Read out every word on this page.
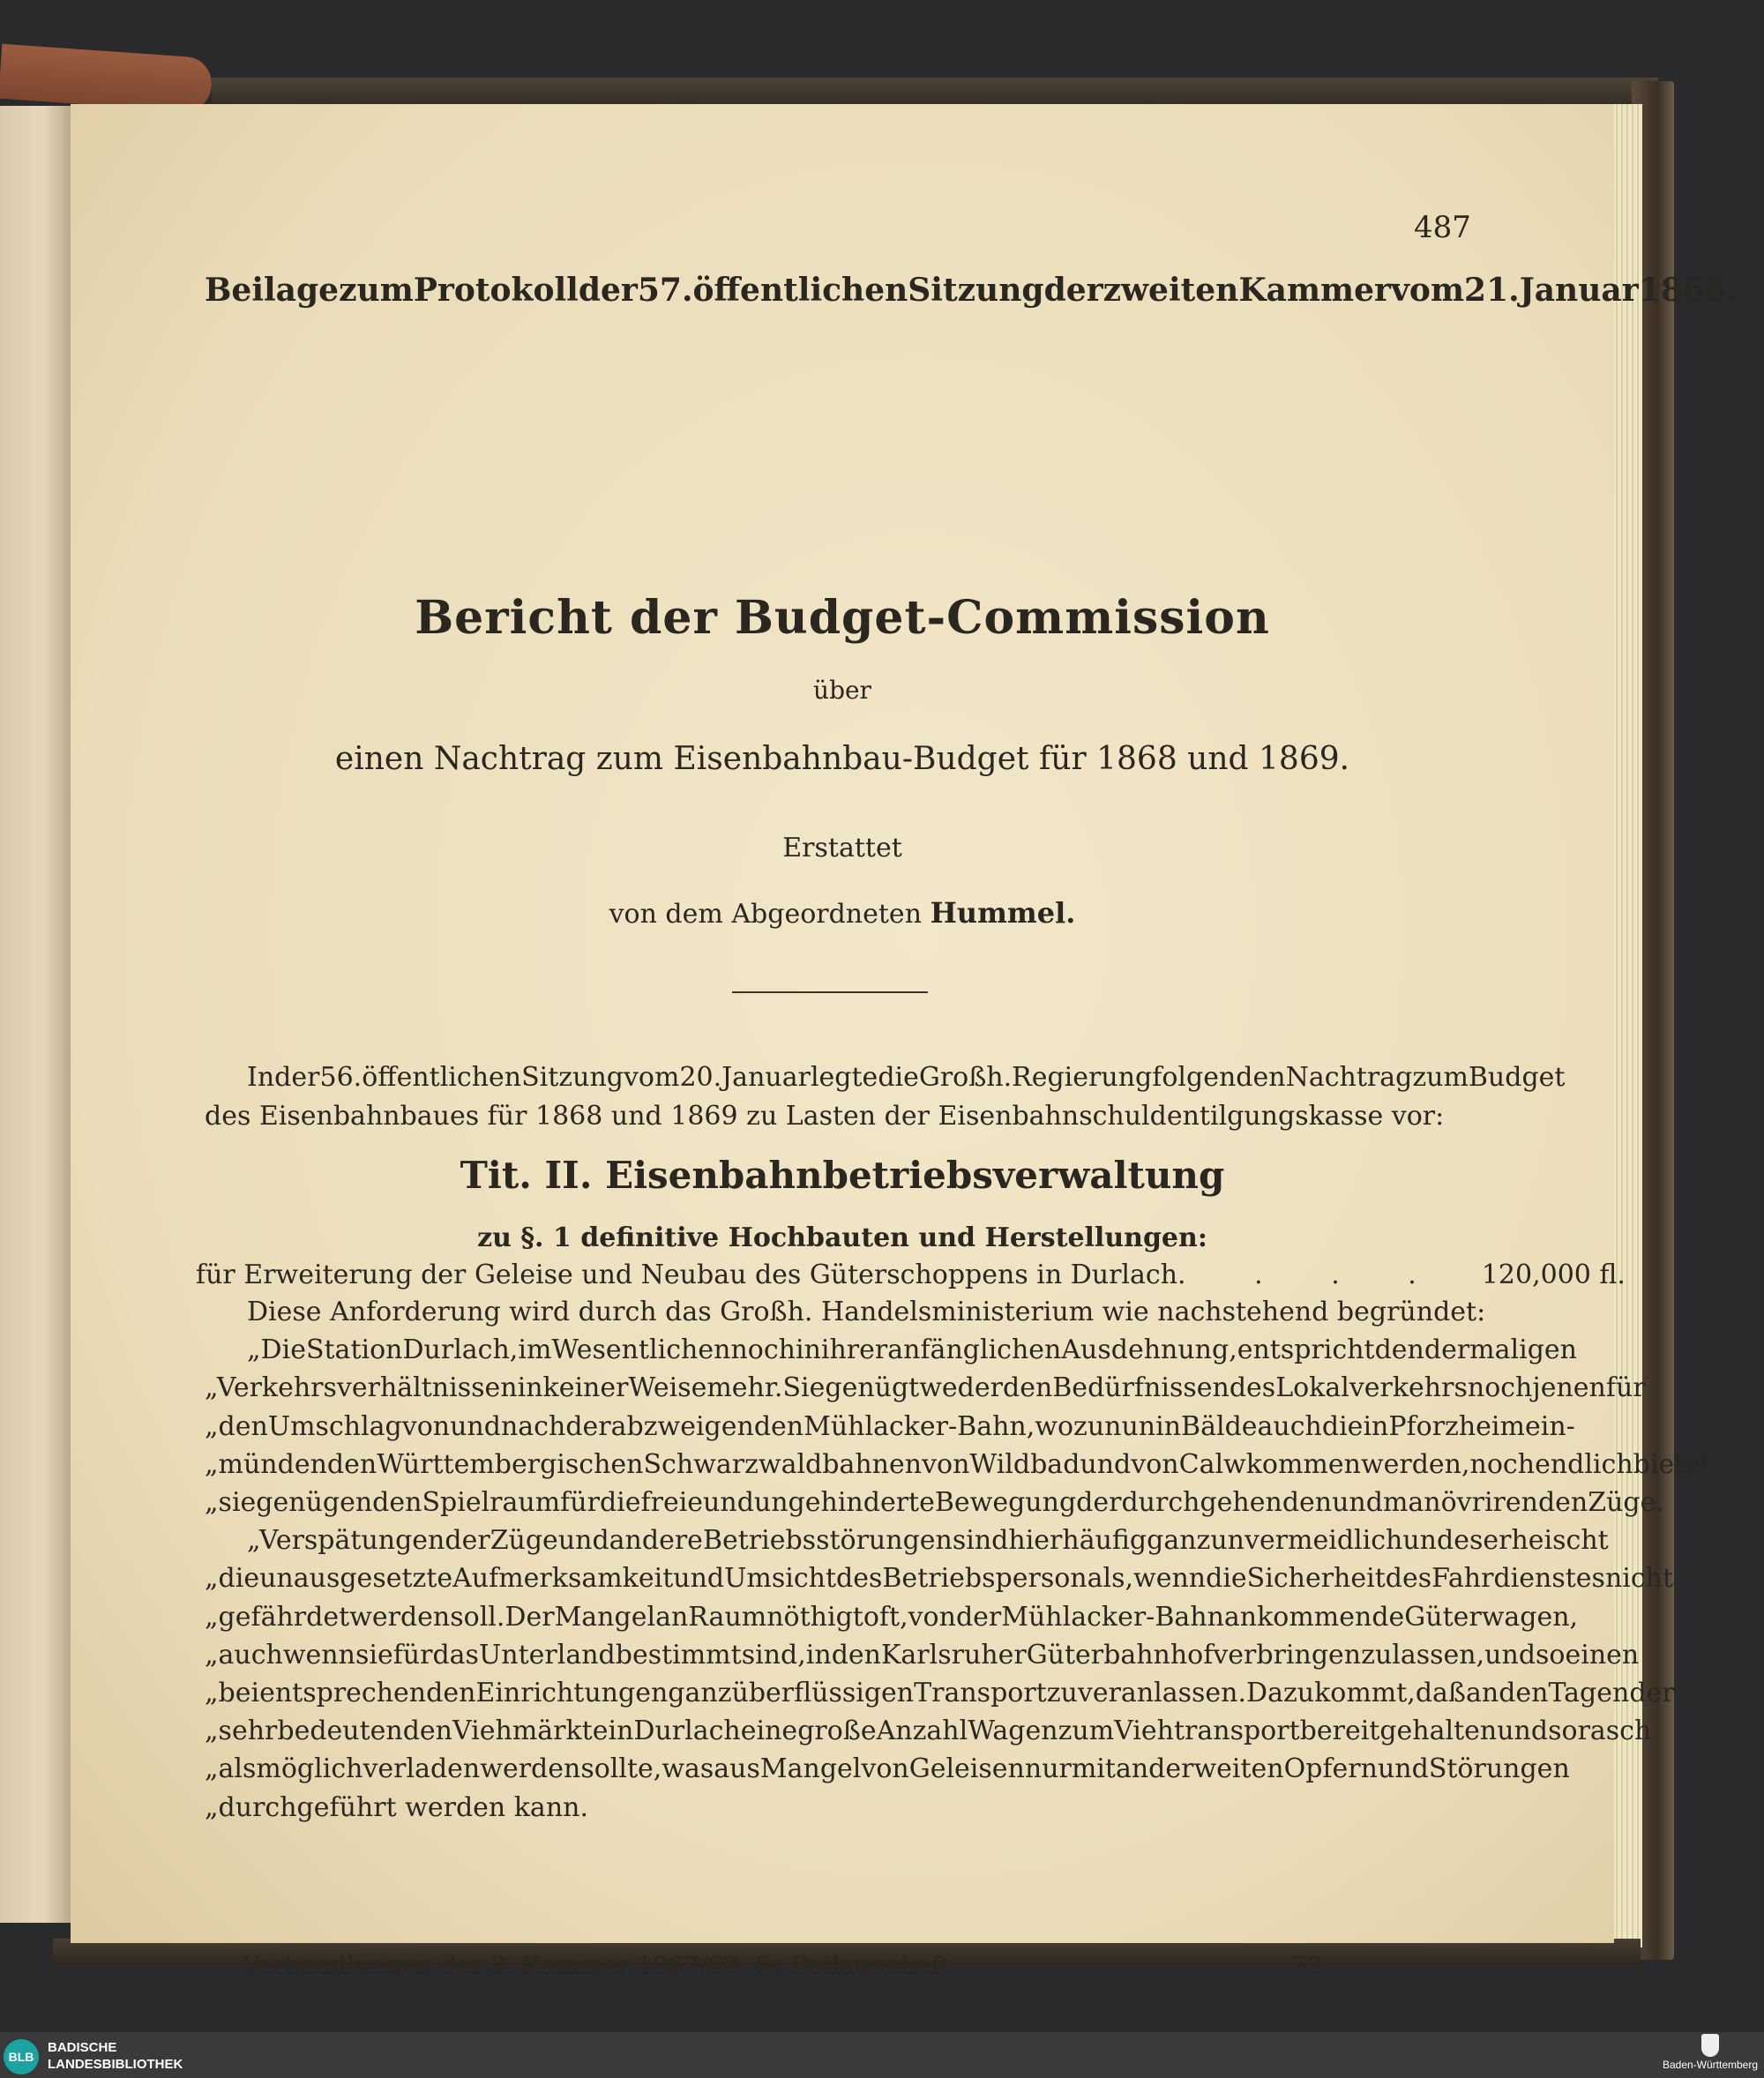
487
Beilage zum Protokoll der 57. öffentlichen Sitzung der zweiten Kammer vom 21. Januar 1868.
Bericht der Budget-Commission
über
einen Nachtrag zum Eisenbahnbau-Budget für 1868 und 1869.
Erstattet
von dem Abgeordneten Hummel.
In der 56. öffentlichen Sitzung vom 20. Januar legte die Großh. Regierung folgenden Nachtrag zum Budget
des Eisenbahnbaues für 1868 und 1869 zu Lasten der Eisenbahnschuldentilgungskasse vor:
Tit. II. Eisenbahnbetriebsverwaltung
zu §. 1 definitive Hochbauten und Herstellungen:
für Erweiterung der Geleise und Neubau des Güterschoppens in Durlach . . . .	120,000 fl.
Diese Anforderung wird durch das Großh. Handelsministerium wie nachstehend begründet:
„Die Station Durlach, im Wesentlichen noch in ihrer anfänglichen Ausdehnung, entspricht den dermaligen
„Verkehrsverhältnissen in keiner Weise mehr. Sie genügt weder den Bedürfnissen des Lokalverkehrs noch jenen für
„den Umschlag von und nach der abzweigenden Mühlacker-Bahn, wozu nun in Bälde auch die in Pforzheim ein-
„mündenden Württembergischen Schwarzwaldbahnen von Wildbad und von Calw kommen werden, noch endlich bietet
„sie genügenden Spielraum für die freie und ungehinderte Bewegung der durchgehenden und manövrirenden Züge.
„Verspätungen der Züge und andere Betriebsstörungen sind hier häufig ganz unvermeidlich und es erheischt
„die unausgesetzte Aufmerksamkeit und Umsicht des Betriebspersonals, wenn die Sicherheit des Fahrdienstes nicht
„gefährdet werden soll. Der Mangel an Raum nöthigt oft, von der Mühlacker-Bahn ankommende Güterwagen,
„auch wenn sie für das Unterland bestimmt sind, in den Karlsruher Güterbahnhof verbringen zu lassen, und so einen
„bei entsprechenden Einrichtungen ganz überflüssigen Transport zu veranlassen. Dazu kommt, daß an den Tagen der
„sehr bedeutenden Viehmärkte in Durlach eine große Anzahl Wagen zum Viehtransport bereit gehalten und so rasch
„als möglich verladen werden sollte, was aus Mangel von Geleisen nur mit anderweiten Opfern und Störungen
„durchgeführt werden kann.
Verhandlungen der 2. Kammer 1867/68. 5s Beilagenheft.	73
BLB
BADISCHE
LANDESBIBLIOTHEK	Baden-Württemberg
